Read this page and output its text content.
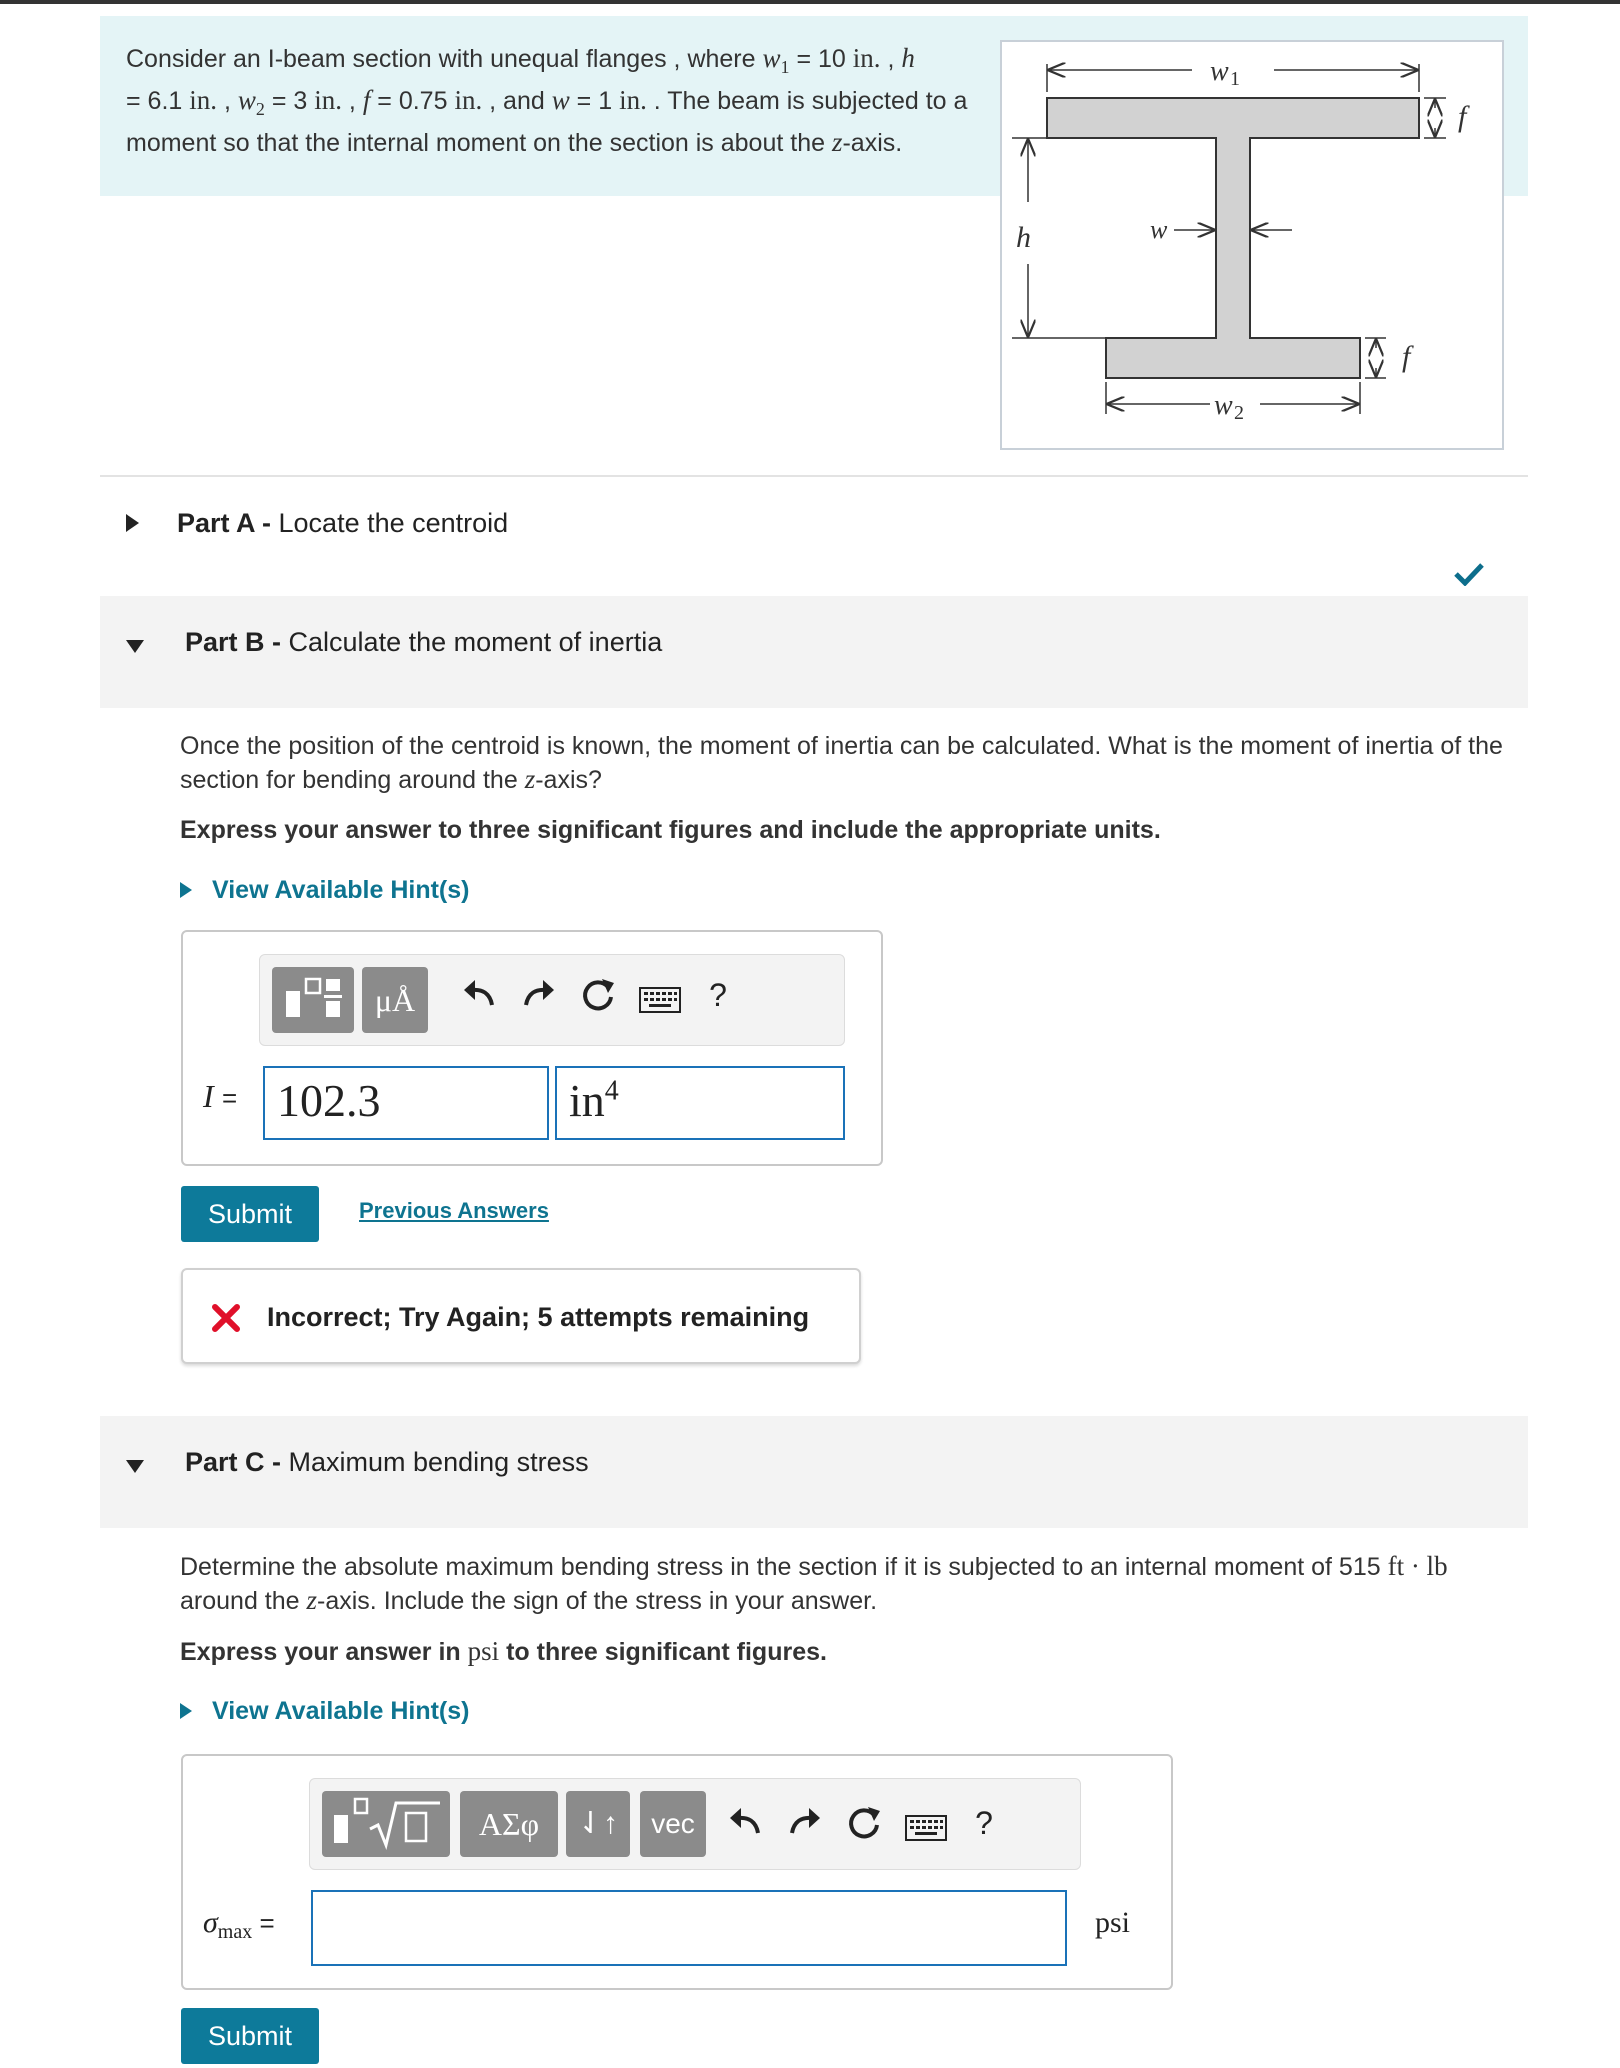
Consider an I-beam section with unequal flanges , where $w_1 = 10$ in. , h
= 6.1 in. , $w_2 = 3$ in. , f = 0.75 in. , and w = 1 in. . The beam is subjected to a moment so that the internal moment on the section is about the z-axis.
w 1
f
h	w
f
w 2
Part A - Locate the centroid
Part B - Calculate the moment of inertia
Once the position of the centroid is known, the moment of inertia can be calculated. What is the moment of inertia of the section for bending around the z-axis?
Express your answer to three significant figures and include the appropriate units.
View Available Hint(s)
μÅ	?
I = 102.3	$in^4$
Submit	Previous Answers
Incorrect; Try Again; 5 attempts remaining
Part C - Maximum bending stress
Determine the absolute maximum bending stress in the section if it is subjected to an internal moment of 515 ft · lb
around the z-axis. Include the sign of the stress in your answer.
Express your answer in psi to three significant figures.
View Available Hint(s)
ΑΣφ	⇃↑	vec	?
$\sigma_{max}$ =	psi
Submit
